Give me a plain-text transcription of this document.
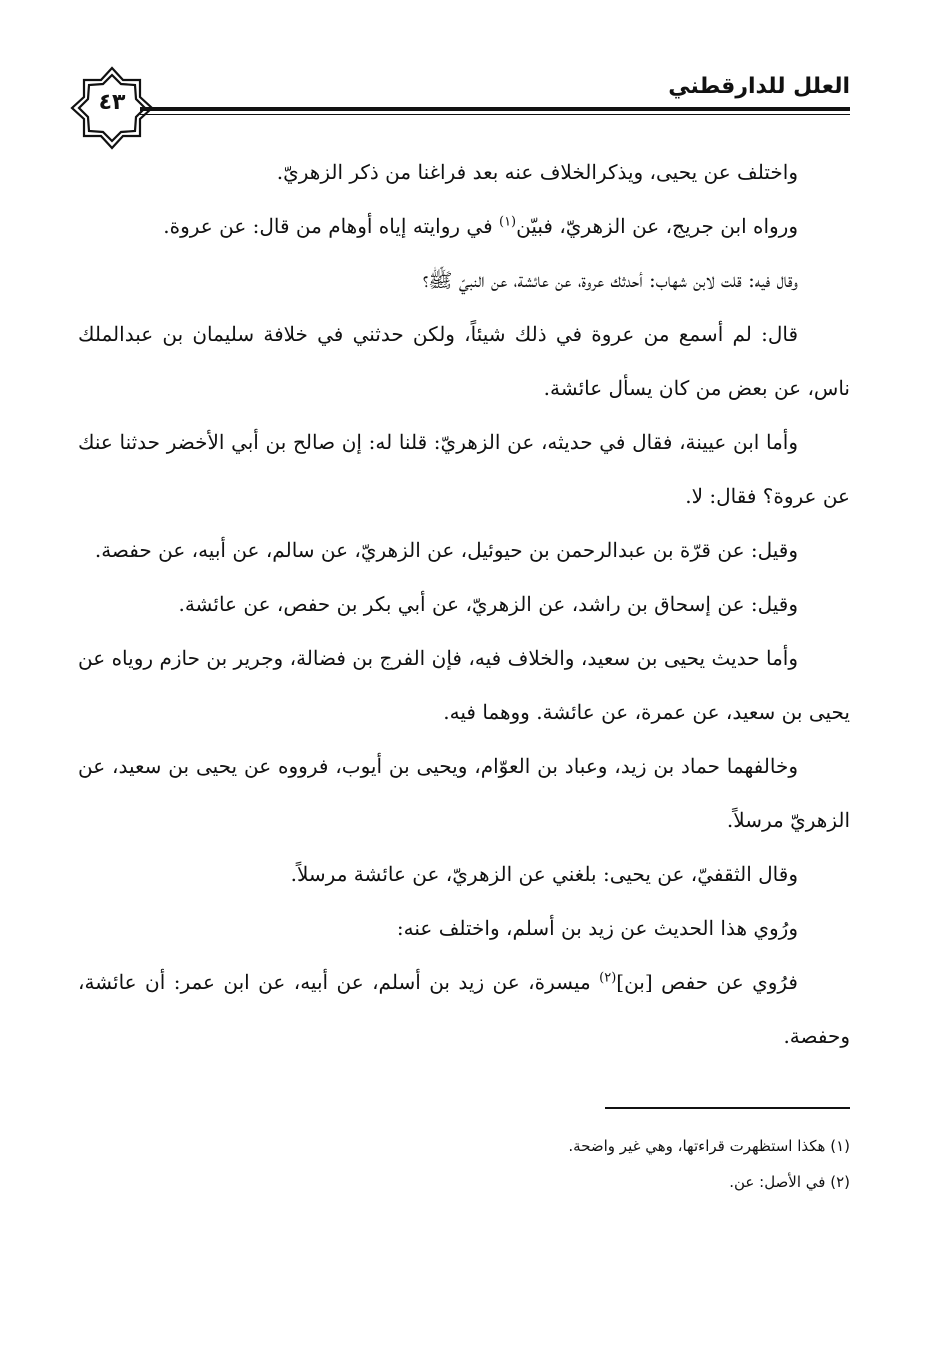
العلل للدارقطني
٤٣

واختلف عن يحيى، ويذكرالخلاف عنه بعد فراغنا من ذكر الزهريّ.

ورواه ابن جريج، عن الزهريّ، فبيّن$^{(١)}$ في روايته إياه أوهام من قال: عن عروة.

وقال فيه: قلت لابن شهاب: أحدثك عروة، عن عائشة، عن النبيّ ﷺ؟

قال: لم أسمع من عروة في ذلك شيئاً، ولكن حدثني في خلافة سليمان بن عبدالملك ناس، عن بعض من كان يسأل عائشة.

وأما ابن عيينة، فقال في حديثه، عن الزهريّ: قلنا له: إن صالح بن أبي الأخضر حدثنا عنك عن عروة؟ فقال: لا.

وقيل: عن قرّة بن عبدالرحمن بن حيوئيل، عن الزهريّ، عن سالم، عن أبيه، عن حفصة.

وقيل: عن إسحاق بن راشد، عن الزهريّ، عن أبي بكر بن حفص، عن عائشة.

وأما حديث يحيى بن سعيد، والخلاف فيه، فإن الفرج بن فضالة، وجرير بن حازم روياه عن يحيى بن سعيد، عن عمرة، عن عائشة. ووهما فيه.

وخالفهما حماد بن زيد، وعباد بن العوّام، ويحيى بن أيوب، فرووه عن يحيى بن سعيد، عن الزهريّ مرسلاً.

وقال الثقفيّ، عن يحيى: بلغني عن الزهريّ، عن عائشة مرسلاً.

ورُوي هذا الحديث عن زيد بن أسلم، واختلف عنه:

فرُوي عن حفص [بن]$^{(٢)}$ ميسرة، عن زيد بن أسلم، عن أبيه، عن ابن عمر: أن عائشة، وحفصة.

(١) هكذا استظهرت قراءتها، وهي غير واضحة.

(٢) في الأصل: عن.
